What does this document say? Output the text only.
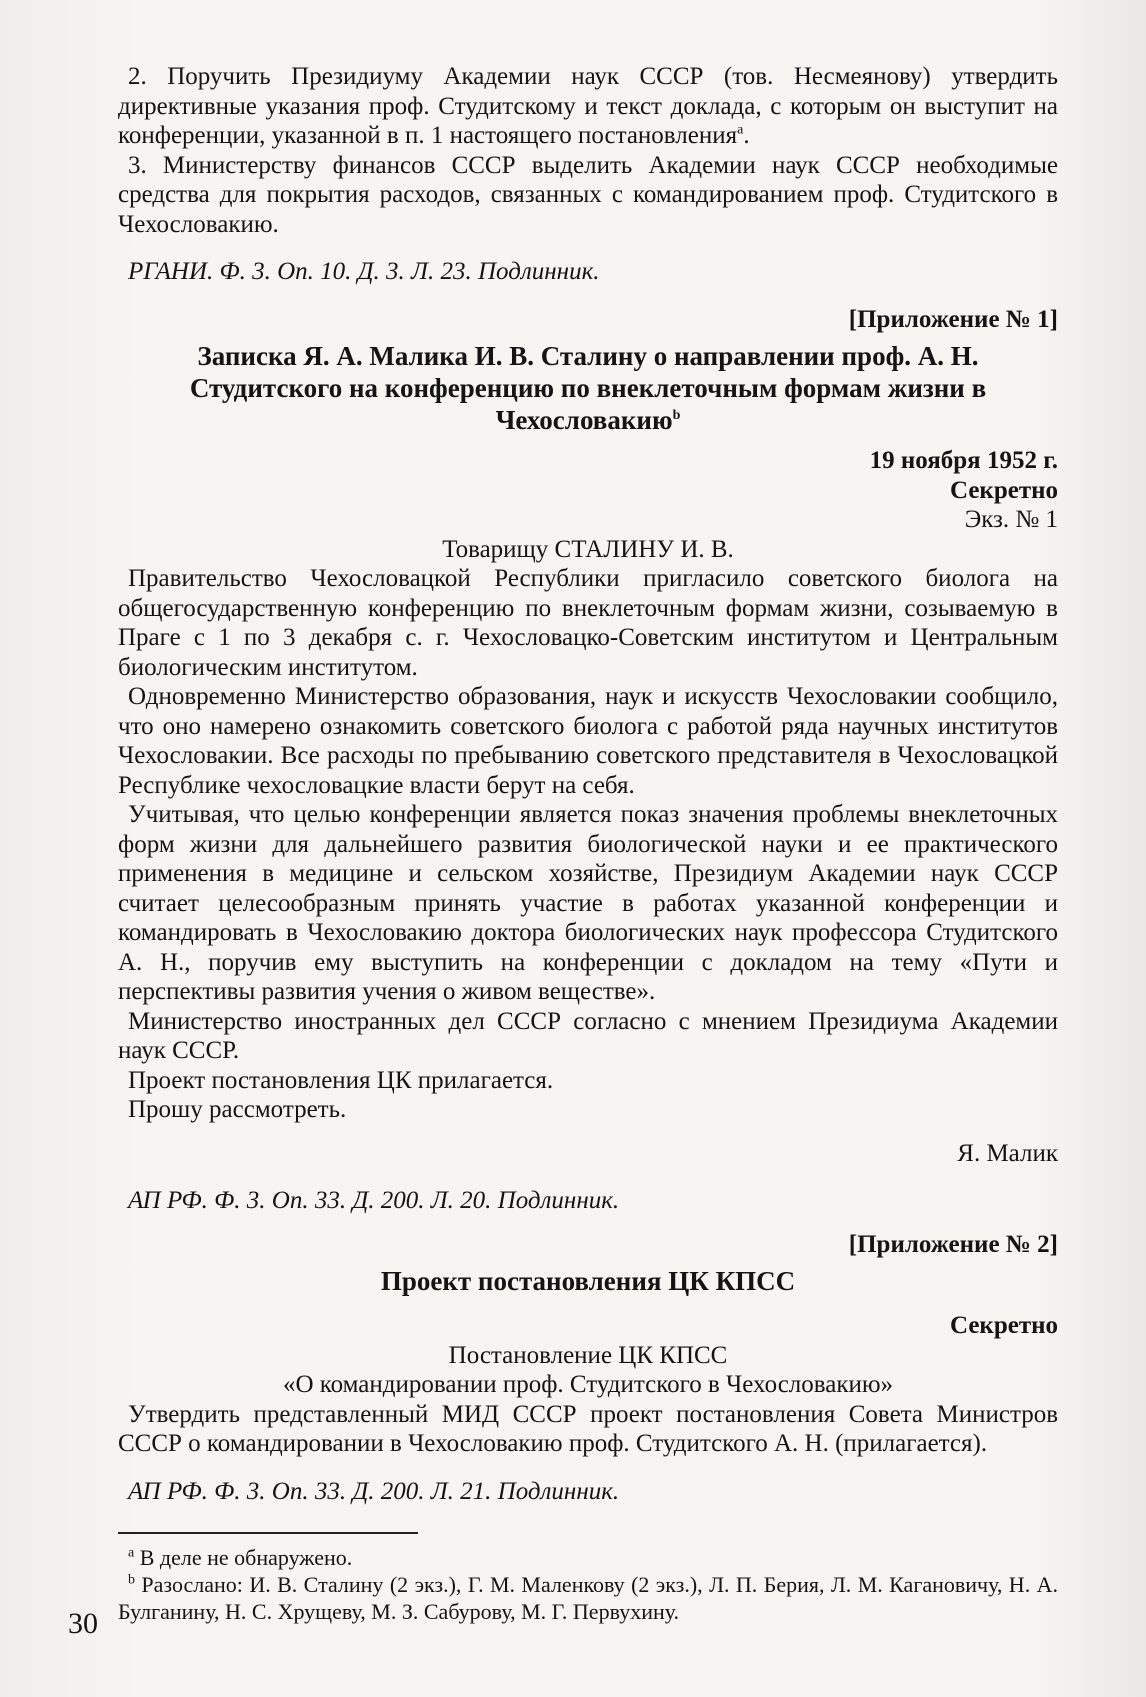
2. Поручить Президиуму Академии наук СССР (тов. Несмеянову) утвердить директивные указания проф. Студитскому и текст доклада, с которым он выступит на конференции, указанной в п. 1 настоящего постановления$^a$.

3. Министерству финансов СССР выделить Академии наук СССР необходимые средства для покрытия расходов, связанных с командированием проф. Студитского в Чехословакию.

РГАНИ. Ф. 3. Оп. 10. Д. 3. Л. 23. Подлинник.

[Приложение № 1]

Записка Я. А. Малика И. В. Сталину о направлении проф. А. Н. Студитского на конференцию по внеклеточным формам жизни в Чехословакию$^b$

19 ноября 1952 г.

Секретно

Экз. № 1

Товарищу СТАЛИНУ И. В.

Правительство Чехословацкой Республики пригласило советского биолога на общегосударственную конференцию по внеклеточным формам жизни, созываемую в Праге с 1 по 3 декабря с. г. Чехословацко-Советским институтом и Центральным биологическим институтом.

Одновременно Министерство образования, наук и искусств Чехословакии сообщило, что оно намерено ознакомить советского биолога с работой ряда научных институтов Чехословакии. Все расходы по пребыванию советского представителя в Чехословацкой Республике чехословацкие власти берут на себя.

Учитывая, что целью конференции является показ значения проблемы внеклеточных форм жизни для дальнейшего развития биологической науки и ее практического применения в медицине и сельском хозяйстве, Президиум Академии наук СССР считает целесообразным принять участие в работах указанной конференции и командировать в Чехословакию доктора биологических наук профессора Студитского А. Н., поручив ему выступить на конференции с докладом на тему «Пути и перспективы развития учения о живом веществе».

Министерство иностранных дел СССР согласно с мнением Президиума Академии наук СССР.

Проект постановления ЦК прилагается.

Прошу рассмотреть.

Я. Малик

АП РФ. Ф. 3. Оп. 33. Д. 200. Л. 20. Подлинник.

[Приложение № 2]

Проект постановления ЦК КПСС

Секретно

Постановление ЦК КПСС

«О командировании проф. Студитского в Чехословакию»

Утвердить представленный МИД СССР проект постановления Совета Министров СССР о командировании в Чехословакию проф. Студитского А. Н. (прилагается).

АП РФ. Ф. 3. Оп. 33. Д. 200. Л. 21. Подлинник.

$^a$ В деле не обнаружено.

$^b$ Разослано: И. В. Сталину (2 экз.), Г. М. Маленкову (2 экз.), Л. П. Берия, Л. М. Кагановичу, Н. А. Булганину, Н. С. Хрущеву, М. З. Сабурову, М. Г. Первухину.

30
